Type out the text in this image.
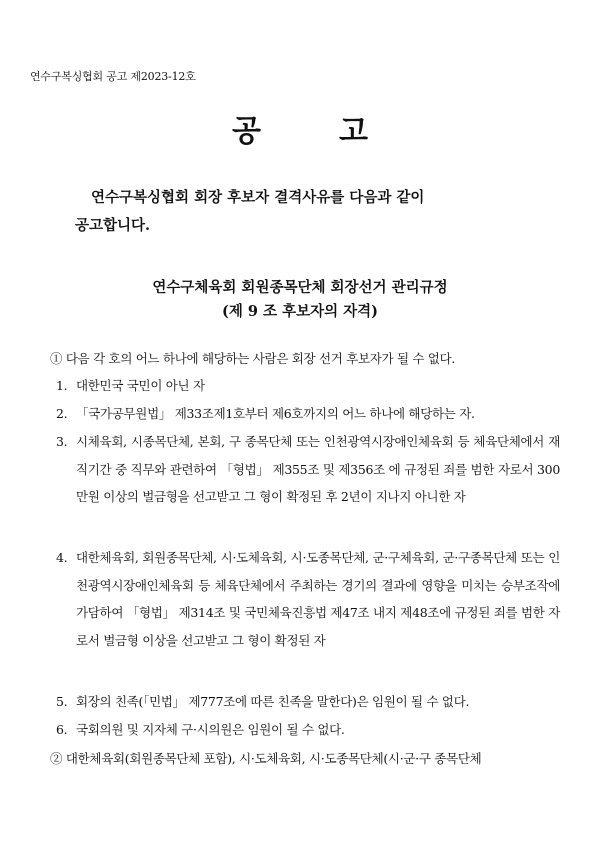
연수구복싱협회 공고 제2023-12호
공	고
연수구복싱협회 회장 후보자 결격사유를 다음과 같이
공고합니다.
연수구체육회 회원종목단체 회장선거 관리규정
(제 9 조 후보자의 자격)
① 다음 각 호의 어느 하나에 해당하는 사람은 회장 선거 후보자가 될 수 없다.
1. 대한민국 국민이 아닌 자
2. 「국가공무원법」 제33조제1호부터 제6호까지의 어느 하나에 해당하는 자.
3. 시체육회, 시종목단체, 본회, 구 종목단체 또는 인천광역시장애인체육회 등 체육단체에서 재직기간 중 직무와 관련하여 「형법」 제355조 및 제356조 에 규정된 죄를 범한 자로서 300만원 이상의 벌금형을 선고받고 그 형이 확정된 후 2년이 지나지 아니한 자
4. 대한체육회, 회원종목단체, 시·도체육회, 시·도종목단체, 군·구체육회, 군·구종목단체 또는 인천광역시장애인체육회 등 체육단체에서 주최하는 경기의 결과에 영향을 미치는 승부조작에 가담하여 「형법」 제314조 및 국민체육진흥법 제47조 내지 제48조에 규정된 죄를 범한 자로서 벌금형 이상을 선고받고 그 형이 확정된 자
5. 회장의 친족(「민법」 제777조에 따른 친족을 말한다)은 임원이 될 수 없다.
6. 국회의원 및 지자체 구·시의원은 임원이 될 수 없다.
② 대한체육회(회원종목단체 포함), 시·도체육회, 시·도종목단체(시·군·구 종목단체
